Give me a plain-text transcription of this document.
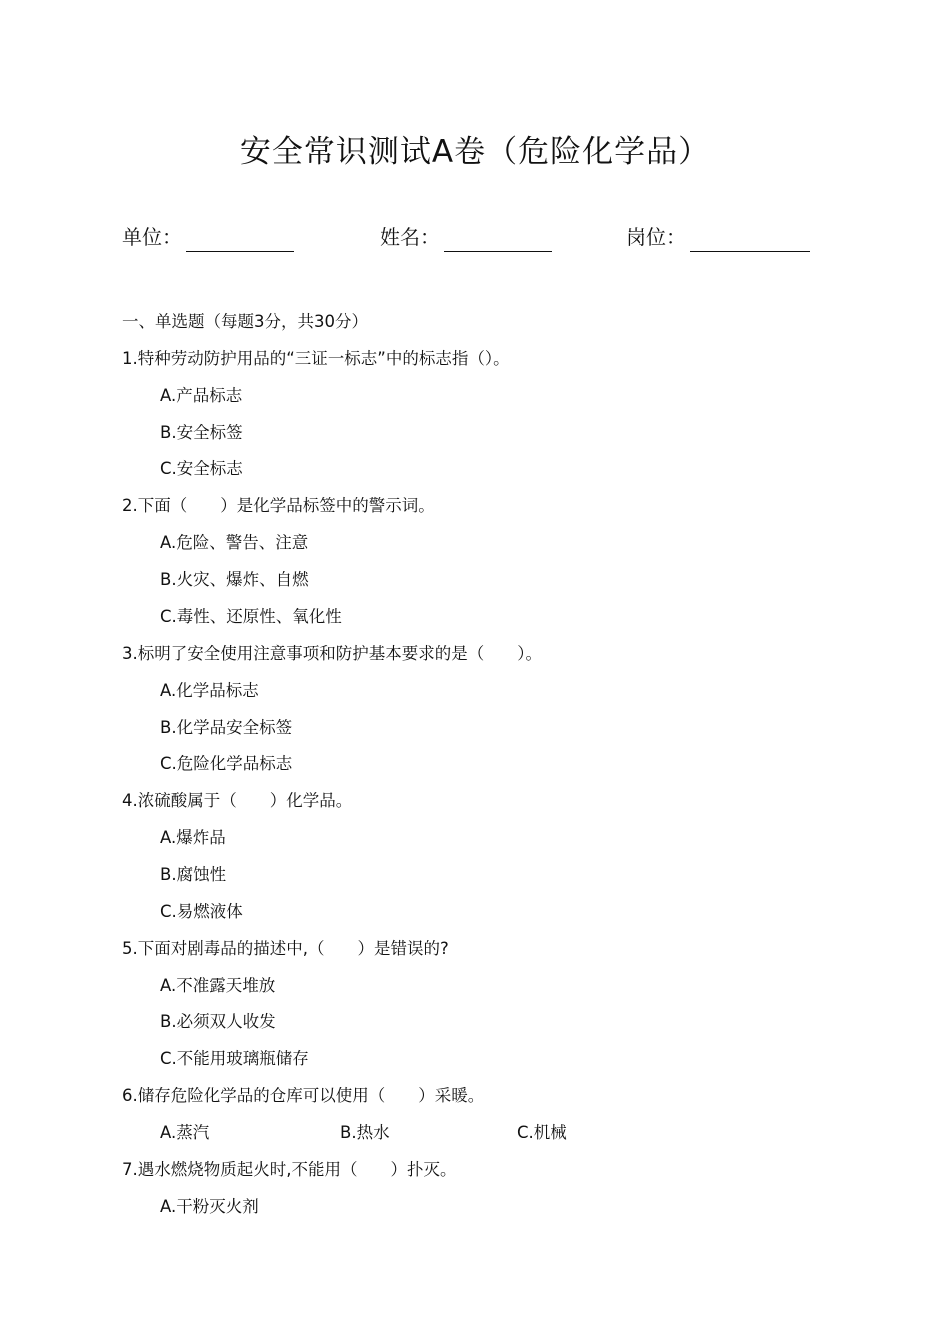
安全常识测试A卷（危险化学品）
单位：	姓名：	岗位：
一、单选题（每题3分，共30分）
1.特种劳动防护用品的“三证一标志”中的标志指（）。
A.产品标志
B.安全标签
C.安全标志
2.下面（　　）是化学品标签中的警示词。
A.危险、警告、注意
B.火灾、爆炸、自燃
C.毒性、还原性、氧化性
3.标明了安全使用注意事项和防护基本要求的是（　　）。
A.化学品标志
B.化学品安全标签
C.危险化学品标志
4.浓硫酸属于（　　）化学品。
A.爆炸品
B.腐蚀性
C.易燃液体
5.下面对剧毒品的描述中,（　　）是错误的?
A.不准露天堆放
B.必须双人收发
C.不能用玻璃瓶储存
6.储存危险化学品的仓库可以使用（　　）采暖。
A.蒸汽	B.热水	C.机械
7.遇水燃烧物质起火时,不能用（　　）扑灭。
A.干粉灭火剂
